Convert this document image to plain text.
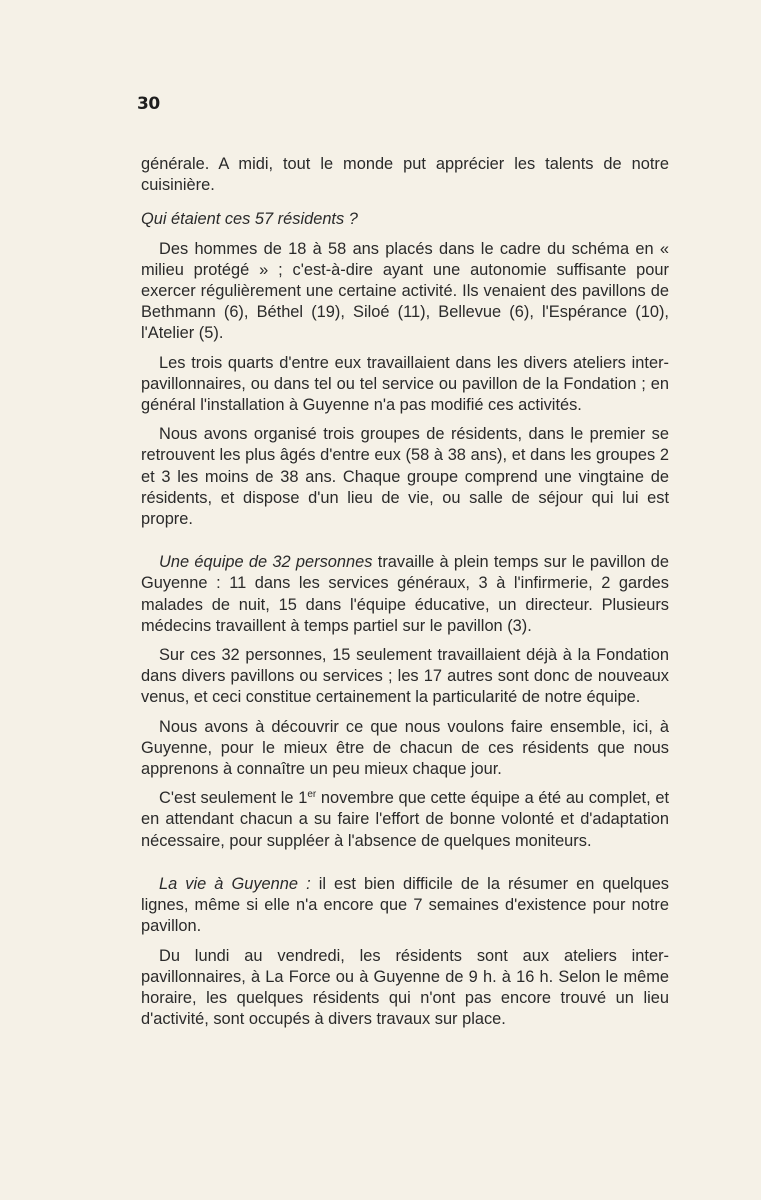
30

générale. A midi, tout le monde put apprécier les talents de notre cuisinière.

Qui étaient ces 57 résidents ?

Des hommes de 18 à 58 ans placés dans le cadre du schéma en « milieu protégé » ; c'est-à-dire ayant une autonomie suffisante pour exercer régulièrement une certaine activité. Ils venaient des pavillons de Bethmann (6), Béthel (19), Siloé (11), Bellevue (6), l'Espérance (10), l'Atelier (5).

Les trois quarts d'entre eux travaillaient dans les divers ateliers inter-pavillonnaires, ou dans tel ou tel service ou pavillon de la Fondation ; en général l'installation à Guyenne n'a pas modifié ces activités.

Nous avons organisé trois groupes de résidents, dans le premier se retrouvent les plus âgés d'entre eux (58 à 38 ans), et dans les groupes 2 et 3 les moins de 38 ans. Chaque groupe comprend une vingtaine de résidents, et dispose d'un lieu de vie, ou salle de séjour qui lui est propre.

Une équipe de 32 personnes travaille à plein temps sur le pavillon de Guyenne : 11 dans les services généraux, 3 à l'infirmerie, 2 gardes malades de nuit, 15 dans l'équipe éducative, un directeur. Plusieurs médecins travaillent à temps partiel sur le pavillon (3).

Sur ces 32 personnes, 15 seulement travaillaient déjà à la Fondation dans divers pavillons ou services ; les 17 autres sont donc de nouveaux venus, et ceci constitue certainement la particularité de notre équipe.

Nous avons à découvrir ce que nous voulons faire ensemble, ici, à Guyenne, pour le mieux être de chacun de ces résidents que nous apprenons à connaître un peu mieux chaque jour.

C'est seulement le 1er novembre que cette équipe a été au complet, et en attendant chacun a su faire l'effort de bonne volonté et d'adaptation nécessaire, pour suppléer à l'absence de quelques moniteurs.

La vie à Guyenne : il est bien difficile de la résumer en quelques lignes, même si elle n'a encore que 7 semaines d'existence pour notre pavillon.

Du lundi au vendredi, les résidents sont aux ateliers inter-pavillonnaires, à La Force ou à Guyenne de 9 h. à 16 h. Selon le même horaire, les quelques résidents qui n'ont pas encore trouvé un lieu d'activité, sont occupés à divers travaux sur place.
